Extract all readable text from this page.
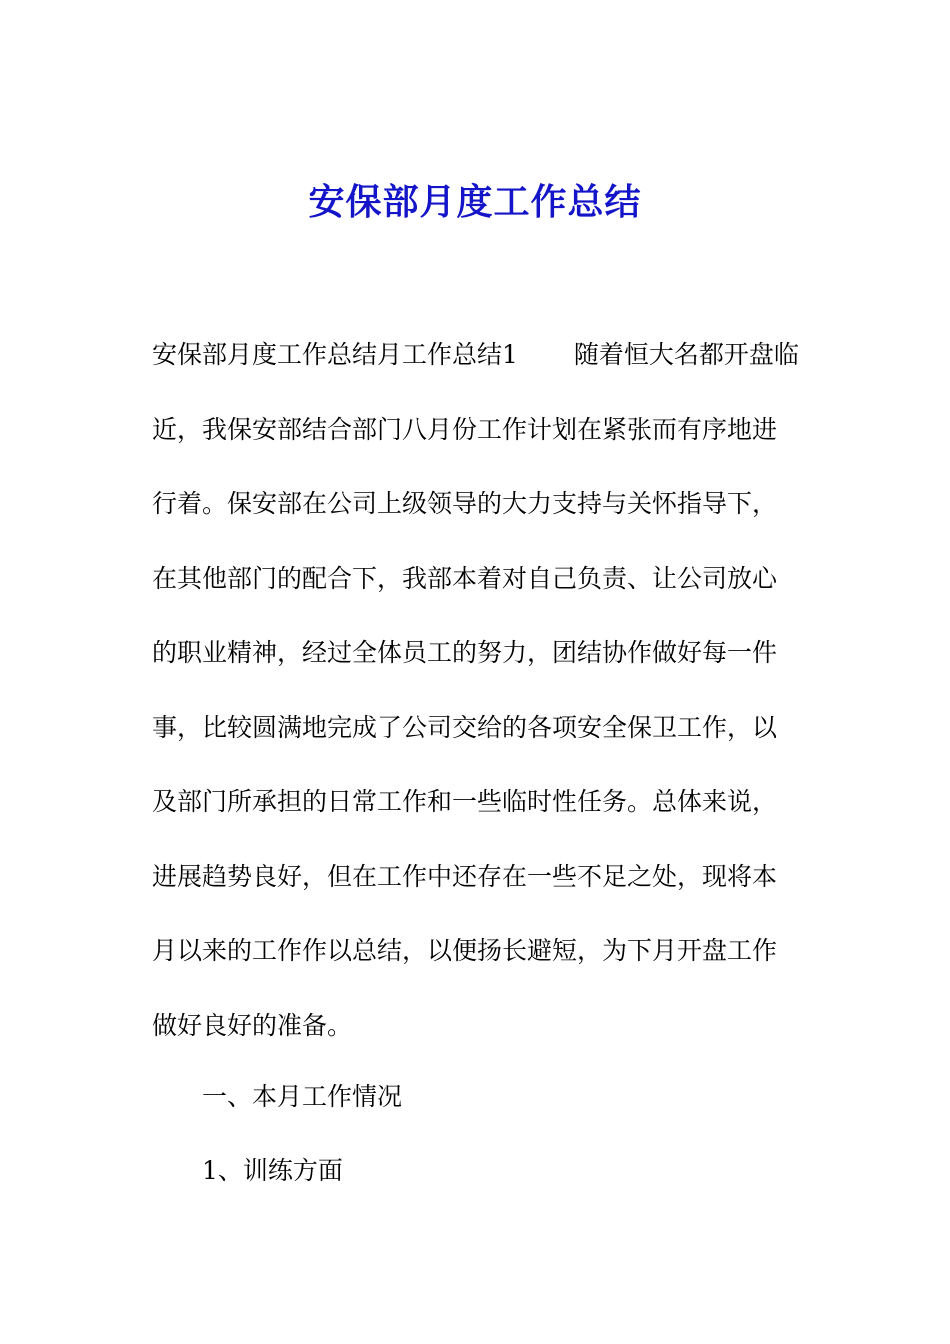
安保部月度工作总结
安保部月度工作总结月工作总结1 随着恒大名都开盘临
近，我保安部结合部门八月份工作计划在紧张而有序地进
行着。保安部在公司上级领导的大力支持与关怀指导下，
在其他部门的配合下，我部本着对自己负责、让公司放心
的职业精神，经过全体员工的努力，团结协作做好每一件
事，比较圆满地完成了公司交给的各项安全保卫工作，以
及部门所承担的日常工作和一些临时性任务。总体来说，
进展趋势良好，但在工作中还存在一些不足之处，现将本
月以来的工作作以总结，以便扬长避短，为下月开盘工作
做好良好的准备。
一、本月工作情况
1、训练方面
